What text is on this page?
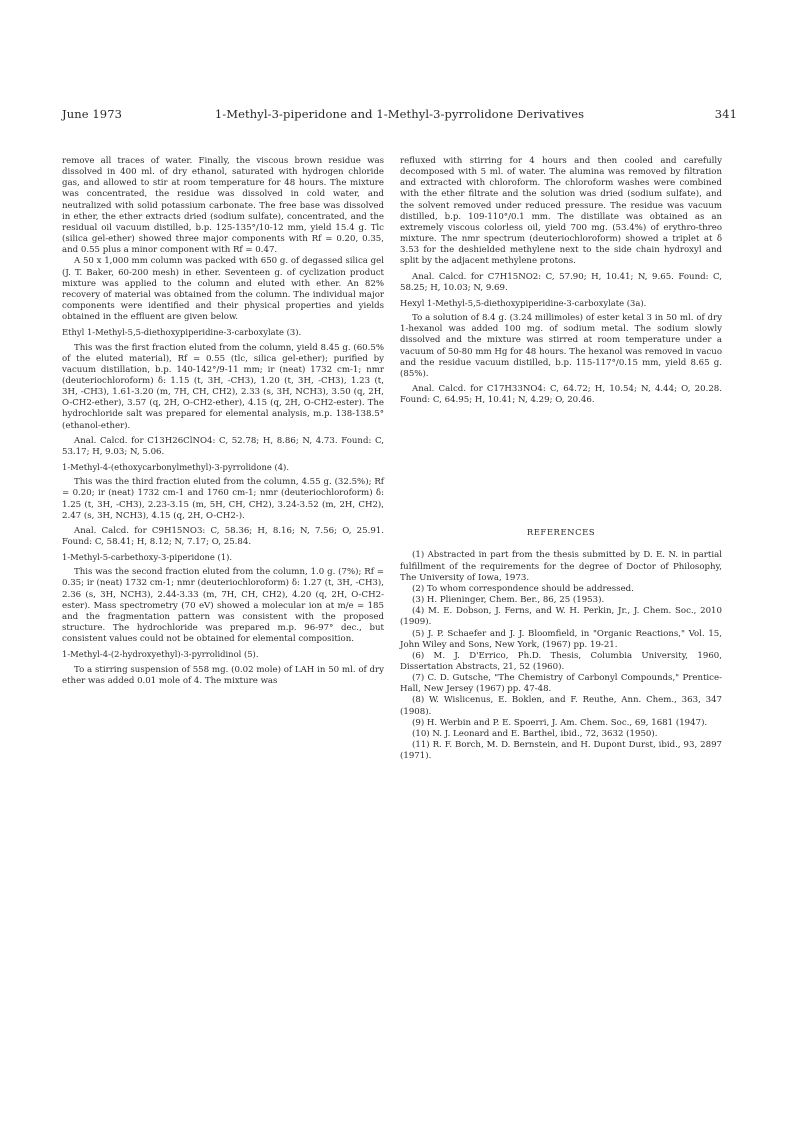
June 1973	1-Methyl-3-piperidone and 1-Methyl-3-pyrrolidone Derivatives	341

remove all traces of water. Finally, the viscous brown residue was dissolved in 400 ml. of dry ethanol, saturated with hydrogen chloride gas, and allowed to stir at room temperature for 48 hours. The mixture was concentrated, the residue was dissolved in cold water, and neutralized with solid potassium carbonate. The free base was dissolved in ether, the ether extracts dried (sodium sulfate), concentrated, and the residual oil vacuum distilled, b.p. 125-135°/10-12 mm, yield 15.4 g. Tlc (silica gel-ether) showed three major components with Rf = 0.20, 0.35, and 0.55 plus a minor component with Rf = 0.47.

A 50 x 1,000 mm column was packed with 650 g. of degassed silica gel (J. T. Baker, 60-200 mesh) in ether. Seventeen g. of cyclization product mixture was applied to the column and eluted with ether. An 82% recovery of material was obtained from the column. The individual major components were identified and their physical properties and yields obtained in the effluent are given below.

Ethyl 1-Methyl-5,5-diethoxypiperidine-3-carboxylate (3).

This was the first fraction eluted from the column, yield 8.45 g. (60.5% of the eluted material), Rf = 0.55 (tlc, silica gel-ether); purified by vacuum distillation, b.p. 140-142°/9-11 mm; ir (neat) 1732 cm-1; nmr (deuteriochloroform) δ: 1.15 (t, 3H, -CH3), 1.20 (t, 3H, -CH3), 1.23 (t, 3H, -CH3), 1.61-3.20 (m, 7H, CH, CH2), 2.33 (s, 3H, NCH3), 3.50 (q, 2H, O-CH2-ether), 3.57 (q, 2H, O-CH2-ether), 4.15 (q, 2H, O-CH2-ester). The hydrochloride salt was prepared for elemental analysis, m.p. 138-138.5° (ethanol-ether).

Anal. Calcd. for C13H26ClNO4: C, 52.78; H, 8.86; N, 4.73. Found: C, 53.17; H, 9.03; N, 5.06.

1-Methyl-4-(ethoxycarbonylmethyl)-3-pyrrolidone (4).

This was the third fraction eluted from the column, 4.55 g. (32.5%); Rf = 0.20; ir (neat) 1732 cm-1 and 1760 cm-1; nmr (deuteriochloroform) δ: 1.25 (t, 3H, -CH3), 2.23-3.15 (m, 5H, CH, CH2), 3.24-3.52 (m, 2H, CH2), 2.47 (s, 3H, NCH3), 4.15 (q, 2H, O-CH2-).

Anal. Calcd. for C9H15NO3: C, 58.36; H, 8.16; N, 7.56; O, 25.91. Found: C, 58.41; H, 8.12; N, 7.17; O, 25.84.

1-Methyl-5-carbethoxy-3-piperidone (1).

This was the second fraction eluted from the column, 1.0 g. (7%); Rf = 0.35; ir (neat) 1732 cm-1; nmr (deuteriochloroform) δ: 1.27 (t, 3H, -CH3), 2.36 (s, 3H, NCH3), 2.44-3.33 (m, 7H, CH, CH2), 4.20 (q, 2H, O-CH2-ester). Mass spectrometry (70 eV) showed a molecular ion at m/e = 185 and the fragmentation pattern was consistent with the proposed structure. The hydrochloride was prepared m.p. 96-97° dec., but consistent values could not be obtained for elemental composition.

1-Methyl-4-(2-hydroxyethyl)-3-pyrrolidinol (5).

To a stirring suspension of 558 mg. (0.02 mole) of LAH in 50 ml. of dry ether was added 0.01 mole of 4. The mixture was

refluxed with stirring for 4 hours and then cooled and carefully decomposed with 5 ml. of water. The alumina was removed by filtration and extracted with chloroform. The chloroform washes were combined with the ether filtrate and the solution was dried (sodium sulfate), and the solvent removed under reduced pressure. The residue was vacuum distilled, b.p. 109-110°/0.1 mm. The distillate was obtained as an extremely viscous colorless oil, yield 700 mg. (53.4%) of erythro-threo mixture. The nmr spectrum (deuteriochloroform) showed a triplet at δ 3.53 for the deshielded methylene next to the side chain hydroxyl and split by the adjacent methylene protons.

Anal. Calcd. for C7H15NO2: C, 57.90; H, 10.41; N, 9.65. Found: C, 58.25; H, 10.03; N, 9.69.

Hexyl 1-Methyl-5,5-diethoxypiperidine-3-carboxylate (3a).

To a solution of 8.4 g. (3.24 millimoles) of ester ketal 3 in 50 ml. of dry 1-hexanol was added 100 mg. of sodium metal. The sodium slowly dissolved and the mixture was stirred at room temperature under a vacuum of 50-80 mm Hg for 48 hours. The hexanol was removed in vacuo and the residue vacuum distilled, b.p. 115-117°/0.15 mm, yield 8.65 g. (85%).

Anal. Calcd. for C17H33NO4: C, 64.72; H, 10.54; N, 4.44; O, 20.28. Found: C, 64.95; H, 10.41; N, 4.29; O, 20.46.

REFERENCES

(1) Abstracted in part from the thesis submitted by D. E. N. in partial fulfillment of the requirements for the degree of Doctor of Philosophy, The University of Iowa, 1973.

(2) To whom correspondence should be addressed.

(3) H. Plieninger, Chem. Ber., 86, 25 (1953).

(4) M. E. Dobson, J. Ferns, and W. H. Perkin, Jr., J. Chem. Soc., 2010 (1909).

(5) J. P. Schaefer and J. J. Bloomfield, in "Organic Reactions," Vol. 15, John Wiley and Sons, New York, (1967) pp. 19-21.

(6) M. J. D'Errico, Ph.D. Thesis, Columbia University, 1960, Dissertation Abstracts, 21, 52 (1960).

(7) C. D. Gutsche, "The Chemistry of Carbonyl Compounds," Prentice-Hall, New Jersey (1967) pp. 47-48.

(8) W. Wislicenus, E. Boklen, and F. Reuthe, Ann. Chem., 363, 347 (1908).

(9) H. Werbin and P. E. Spoerri, J. Am. Chem. Soc., 69, 1681 (1947).

(10) N. J. Leonard and E. Barthel, ibid., 72, 3632 (1950).

(11) R. F. Borch, M. D. Bernstein, and H. Dupont Durst, ibid., 93, 2897 (1971).
